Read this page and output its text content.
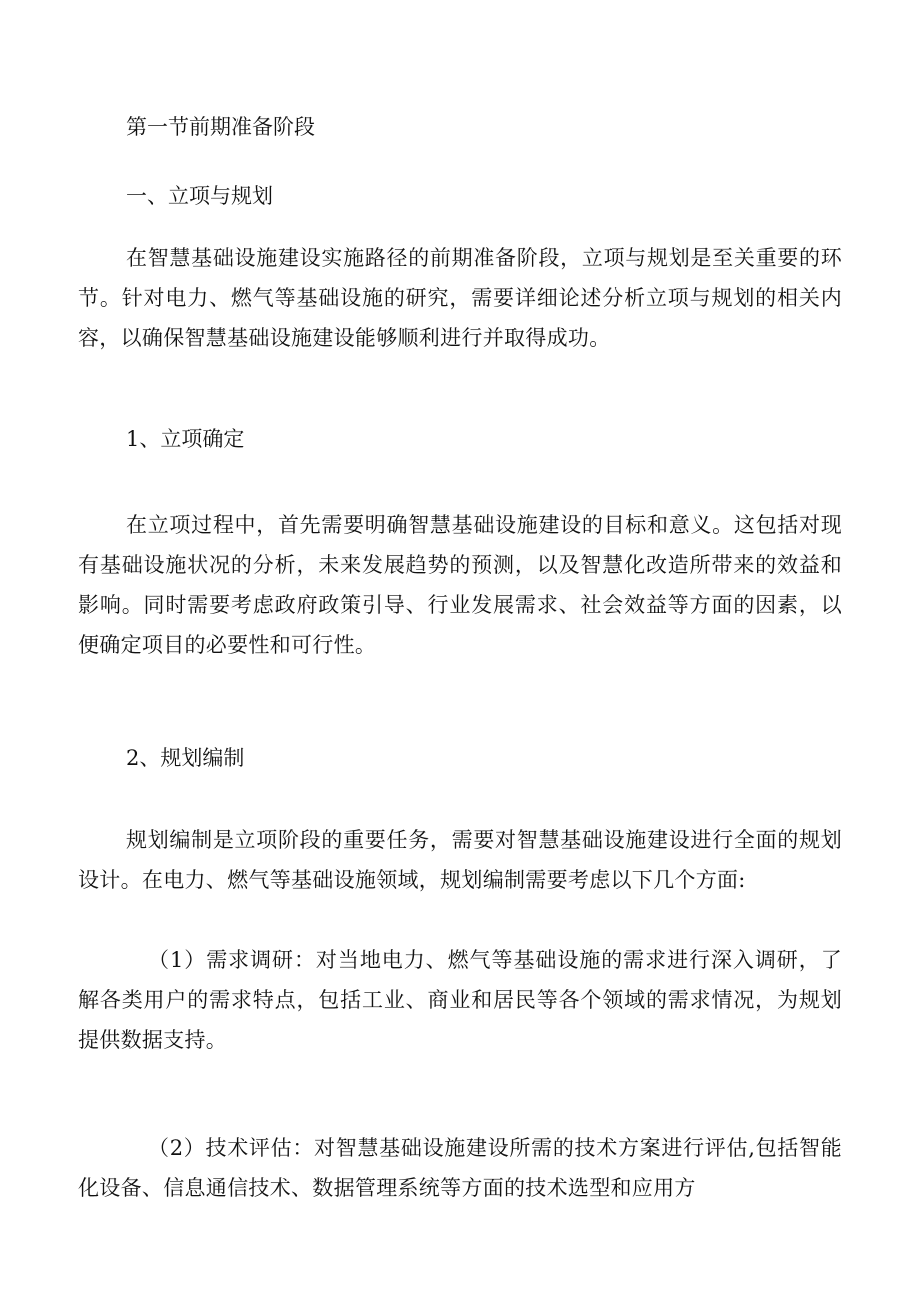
第一节前期准备阶段
一、立项与规划

在智慧基础设施建设实施路径的前期准备阶段，立项与规划是至关重要的环节。针对电力、燃气等基础设施的研究，需要详细论述分析立项与规划的相关内容，以确保智慧基础设施建设能够顺利进行并取得成功。

1、立项确定

在立项过程中，首先需要明确智慧基础设施建设的目标和意义。这包括对现有基础设施状况的分析，未来发展趋势的预测，以及智慧化改造所带来的效益和影响。同时需要考虑政府政策引导、行业发展需求、社会效益等方面的因素，以便确定项目的必要性和可行性。

2、规划编制

规划编制是立项阶段的重要任务，需要对智慧基础设施建设进行全面的规划设计。在电力、燃气等基础设施领域，规划编制需要考虑以下几个方面:

（1）需求调研：对当地电力、燃气等基础设施的需求进行深入调研，了解各类用户的需求特点，包括工业、商业和居民等各个领域的需求情况，为规划提供数据支持。

（2）技术评估：对智慧基础设施建设所需的技术方案进行评估,包括智能化设备、信息通信技术、数据管理系统等方面的技术选型和应用方
